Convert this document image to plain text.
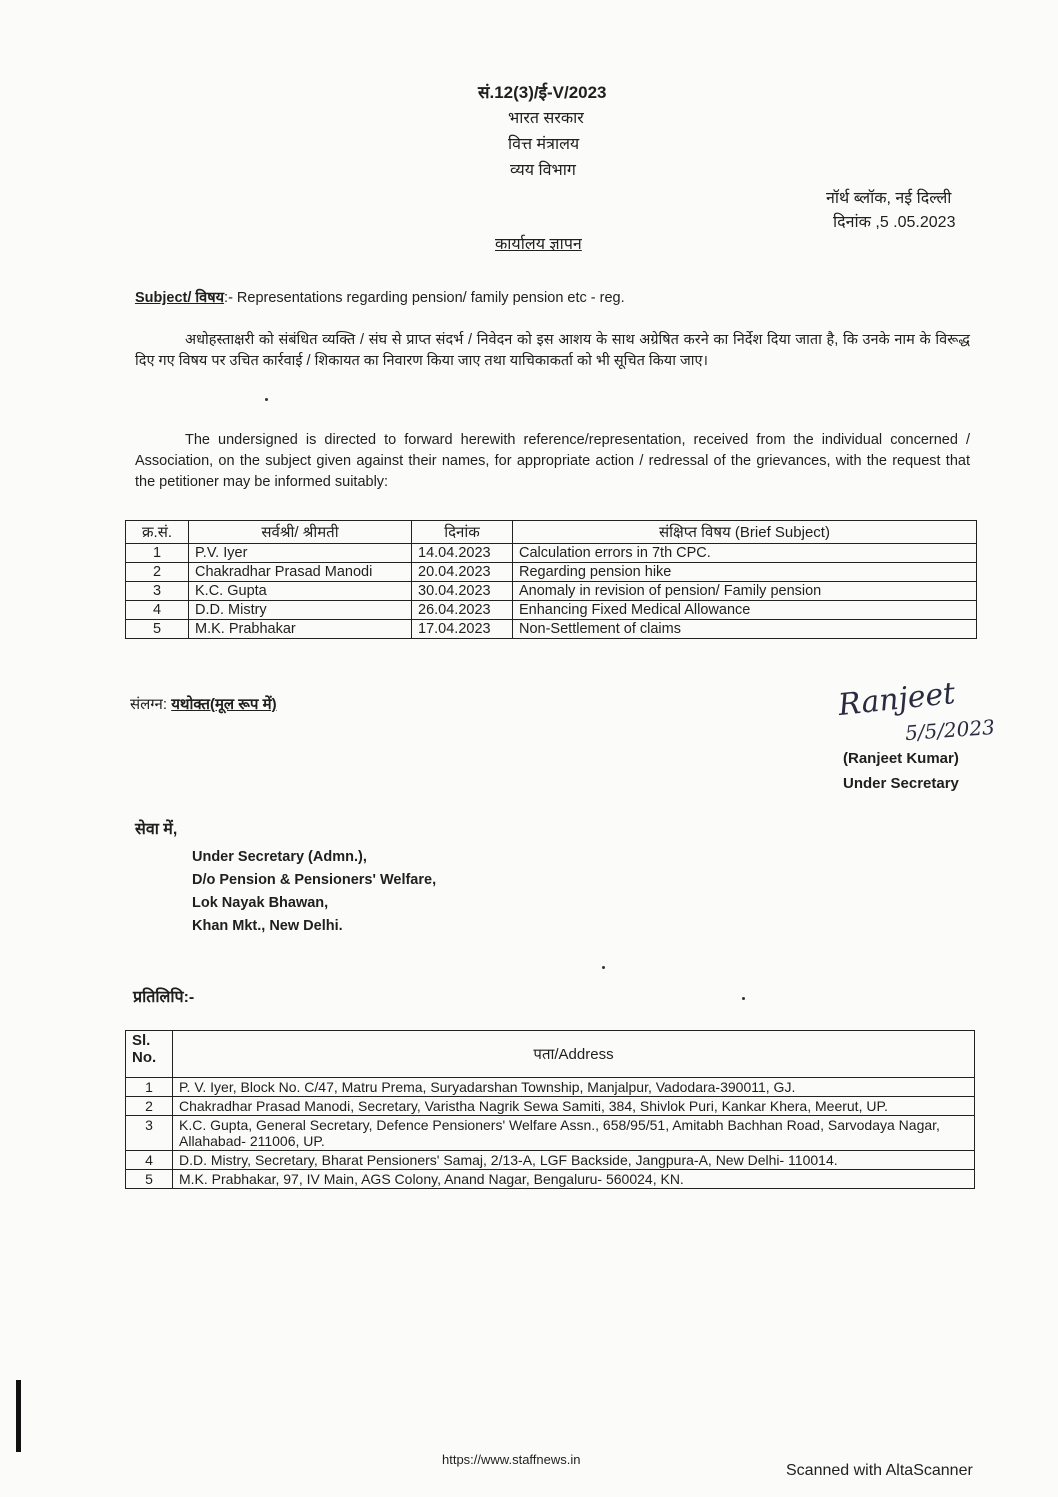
सं.12(3)/ई-V/2023
भारत सरकार
वित्त मंत्रालय
व्यय विभाग
नॉर्थ ब्लॉक, नई दिल्ली
दिनांक ,5 .05.2023
कार्यालय ज्ञापन
Subject/ विषय:- Representations regarding pension/ family pension etc - reg.
अधोहस्ताक्षरी को संबंधित व्यक्ति / संघ से प्राप्त संदर्भ / निवेदन को इस आशय के साथ अग्रेषित करने का निर्देश दिया जाता है, कि उनके नाम के विरूद्ध दिए गए विषय पर उचित कार्रवाई / शिकायत का निवारण किया जाए तथा याचिकाकर्ता को भी सूचित किया जाए।
The undersigned is directed to forward herewith reference/representation, received from the individual concerned / Association, on the subject given against their names, for appropriate action / redressal of the grievances, with the request that the petitioner may be informed suitably:
क्र.सं.	सर्वश्री/ श्रीमती	दिनांक	संक्षिप्त विषय (Brief Subject)
1	P.V. Iyer	14.04.2023	Calculation errors in 7th CPC.
2	Chakradhar Prasad Manodi	20.04.2023	Regarding pension hike
3	K.C. Gupta	30.04.2023	Anomaly in revision of pension/ Family pension
4	D.D. Mistry	26.04.2023	Enhancing Fixed Medical Allowance
5	M.K. Prabhakar	17.04.2023	Non-Settlement of claims
संलग्न: यथोक्त(मूल रूप में)	Ranjeet
5/5/2023
(Ranjeet Kumar)
Under Secretary
सेवा में,
Under Secretary (Admn.),
D/o Pension & Pensioners' Welfare,
Lok Nayak Bhawan,
Khan Mkt., New Delhi.
प्रतिलिपि:-
Sl. No.	पता/Address
1	P. V. Iyer, Block No. C/47, Matru Prema, Suryadarshan Township, Manjalpur, Vadodara-390011, GJ.
2	Chakradhar Prasad Manodi, Secretary, Varistha Nagrik Sewa Samiti, 384, Shivlok Puri, Kankar Khera, Meerut, UP.
3	K.C. Gupta, General Secretary, Defence Pensioners' Welfare Assn., 658/95/51, Amitabh Bachhan Road, Sarvodaya Nagar, Allahabad- 211006, UP.
4	D.D. Mistry, Secretary, Bharat Pensioners' Samaj, 2/13-A, LGF Backside, Jangpura-A, New Delhi- 110014.
5	M.K. Prabhakar, 97, IV Main, AGS Colony, Anand Nagar, Bengaluru- 560024, KN.
https://www.staffnews.in
Scanned with AltaScanner
